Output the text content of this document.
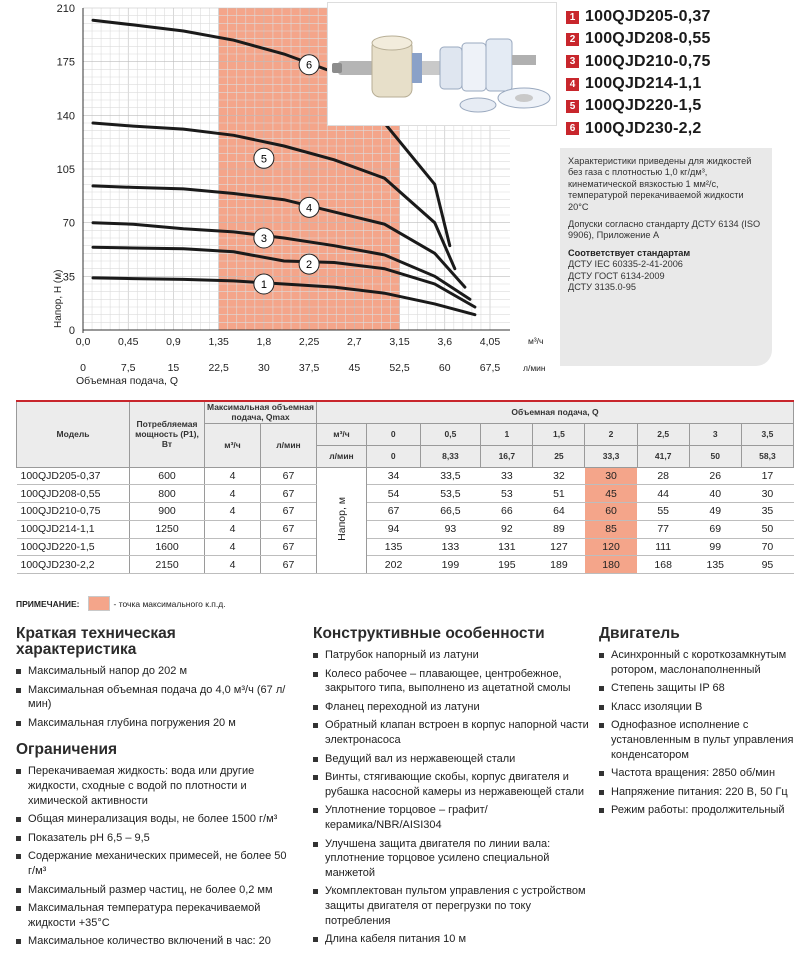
1
2
3
4
5
6
0
35
70
105
140
175
210
0,0	0,45	0,9	1,35	1,8	2,25	2,7	3,15	3,6	4,05
0	7,5	15	22,5	30	37,5	45	52,5	60	67,5
м³/ч
л/мин
Объемная подача, Q
Напор, Н (м)
1 100QJD205-0,37
2 100QJD208-0,55
3 100QJD210-0,75
4 100QJD214-1,1
5 100QJD220-1,5
6 100QJD230-2,2

Характеристики приведены для жидкостей без газа с плотностью 1,0 кг/дм³, кинематической вязкостью 1 мм²/с, температурой перекачиваемой жидкости 20°С

Допуски согласно стандарту ДСТУ 6134 (ISO 9906), Приложение А

Соответствует стандартам

ДСТУ IEC 60335-2-41-2006
ДСТУ ГОСТ 6134-2009
ДСТУ 3135.0-95
Модель	Потребляемая мощность (Р1), Вт	Максимальная объемная подача, Qmax		Объемная подача, Q								
		м³/ч	л/мин	м³/ч	0	0,5	1	1,5	2	2,5	3	3,5
				л/мин	0	8,33	16,7	25	33,3	41,7	50	58,3
100QJD205-0,37	600	4	67	Напор, м	34	33,5	33	32	30	28	26	17
100QJD208-0,55	800	4	67		54	53,5	53	51	45	44	40	30
100QJD210-0,75	900	4	67		67	66,5	66	64	60	55	49	35
100QJD214-1,1	1250	4	67		94	93	92	89	85	77	69	50
100QJD220-1,5	1600	4	67		135	133	131	127	120	111	99	70
100QJD230-2,2	2150	4	67		202	199	195	189	180	168	135	95
ПРИМЕЧАНИЕ:	- точка максимального к.п.д.
Краткая техническая характеристика
Максимальный напор до 202 м
Максимальная объемная подача до 4,0 м³/ч (67 л/мин)
Максимальная глубина погружения 20 м
Ограничения
Перекачиваемая жидкость: вода или другие жидкости, сходные с водой по плотности и химической активности
Общая минерализация воды, не более 1500 г/м³
Показатель рН 6,5 – 9,5
Содержание механических примесей, не более 50 г/м³
Максимальный размер частиц, не более 0,2 мм
Максимальная температура перекачиваемой жидкости +35°С
Максимальное количество включений в час: 20
Конструктивные особенности
Патрубок напорный из латуни
Колесо рабочее – плавающее, центробежное, закрытого типа, выполнено из ацетатной смолы
Фланец переходной из латуни
Обратный клапан встроен в корпус напорной части электронасоса
Ведущий вал из нержавеющей стали
Винты, стягивающие скобы, корпус двигателя и рубашка насосной камеры из нержавеющей стали
Уплотнение торцовое – графит/керамика/NBR/AISI304
Улучшена защита двигателя по линии вала: уплотнение торцовое усилено специальной манжетой
Укомплектован пультом управления с устройством защиты двигателя от перегрузки по току потребления
Длина кабеля питания 10 м
Двигатель
Асинхронный с короткозамкнутым ротором, маслонаполненный
Степень защиты IP 68
Класс изоляции В
Однофазное исполнение с установленным в пульт управления конденсатором
Частота вращения: 2850 об/мин
Напряжение питания: 220 В, 50 Гц
Режим работы: продолжительный
